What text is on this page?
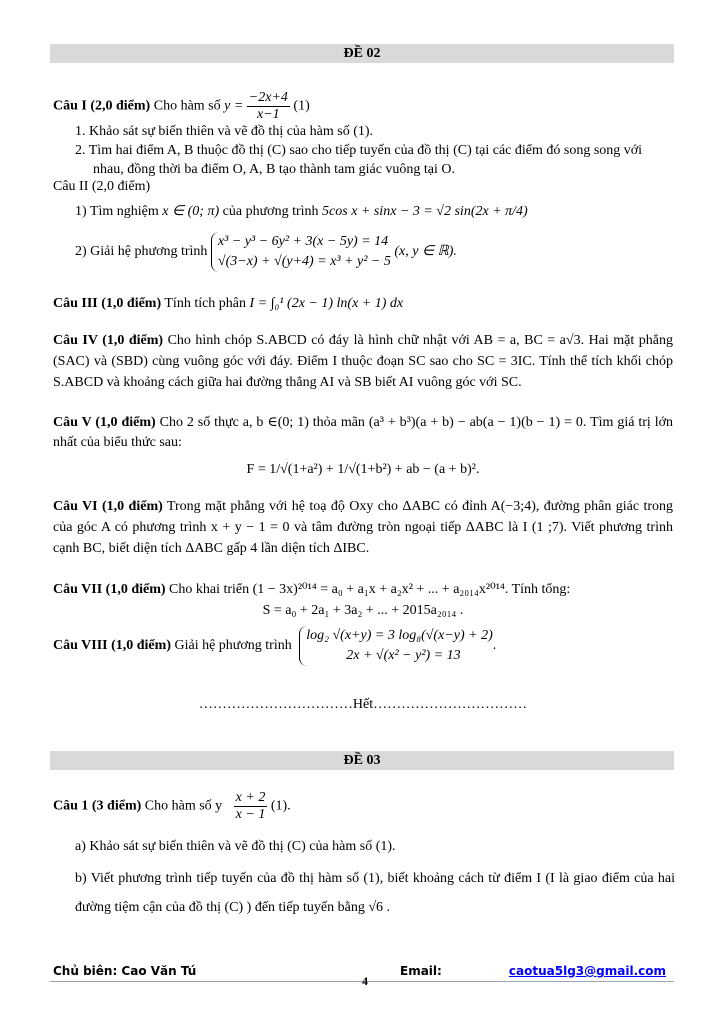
ĐỀ 02
Câu I (2,0 điểm) Cho hàm số $y = \frac{-2x+4}{x-1} (1)$
1. Khảo sát sự biến thiên và vẽ đồ thị của hàm số (1).
2. Tìm hai điểm A, B thuộc đồ thị (C) sao cho tiếp tuyến của đồ thị (C) tại các điểm đó song song với nhau, đồng thời ba điểm O, A, B tạo thành tam giác vuông tại O.
Câu II (2,0 điểm)
1) Tìm nghiệm x ∈ (0; π) của phương trình 5cos x + sinx − 3 = √2 sin(2x + π/4)
2) Giải hệ phương trình
x³ − y³ − 6y² + 3(x − 5y) = 14
√(3−x) + √(y+4) = x³ + y² − 5
(x, y ∈ ℝ).
Câu III (1,0 điểm) Tính tích phân I = ∫₀¹ (2x − 1) ln(x + 1) dx
Câu IV (1,0 điểm) Cho hình chóp S.ABCD có đáy là hình chữ nhật với AB = a, BC = a√3. Hai mặt phẳng (SAC) và (SBD) cùng vuông góc với đáy. Điểm I thuộc đoạn SC sao cho SC = 3IC. Tính thể tích khối chóp S.ABCD và khoảng cách giữa hai đường thẳng AI và SB biết AI vuông góc với SC.
Câu V (1,0 điểm) Cho 2 số thực a, b ∈(0; 1) thỏa mãn (a³ + b³)(a + b) − ab(a − 1)(b − 1) = 0. Tìm giá trị lớn nhất của biểu thức sau:
F = 1/√(1+a²) + 1/√(1+b²) + ab − (a + b)².
Câu VI (1,0 điểm) Trong mặt phẳng với hệ toạ độ Oxy cho ΔABC có đỉnh A(−3;4), đường phân giác trong của góc A có phương trình x + y − 1 = 0 và tâm đường tròn ngoại tiếp ΔABC là I (1 ;7). Viết phương trình cạnh BC, biết diện tích ΔABC gấp 4 lần diện tích ΔIBC.
Câu VII (1,0 điểm) Cho khai triển (1 − 3x)²⁰¹⁴ = a₀ + a₁x + a₂x² + ... + a₂₀₁₄x²⁰¹⁴. Tính tổng:
S = a₀ + 2a₁ + 3a₂ + ... + 2015a₂₀₁₄ .
Câu VIII (1,0 điểm) Giải hệ phương trình
log₂ √(x+y) = 3 log₈(√(x−y) + 2)
2x + √(x² − y²) = 13
.
……………………………Hết……………………………
ĐỀ 03
Câu 1 (3 điểm) Cho hàm số y $\frac{x + 2}{x - 1} (1)$.
a) Khảo sát sự biến thiên và vẽ đồ thị (C) của hàm số (1).
b) Viết phương trình tiếp tuyến của đồ thị hàm số (1), biết khoảng cách từ điểm I (I là giao điểm của hai đường tiệm cận của đồ thị (C) ) đến tiếp tuyến bằng √6 .
Chủ biên: Cao Văn Tú	Email:	caotua5lg3@gmail.com
4
